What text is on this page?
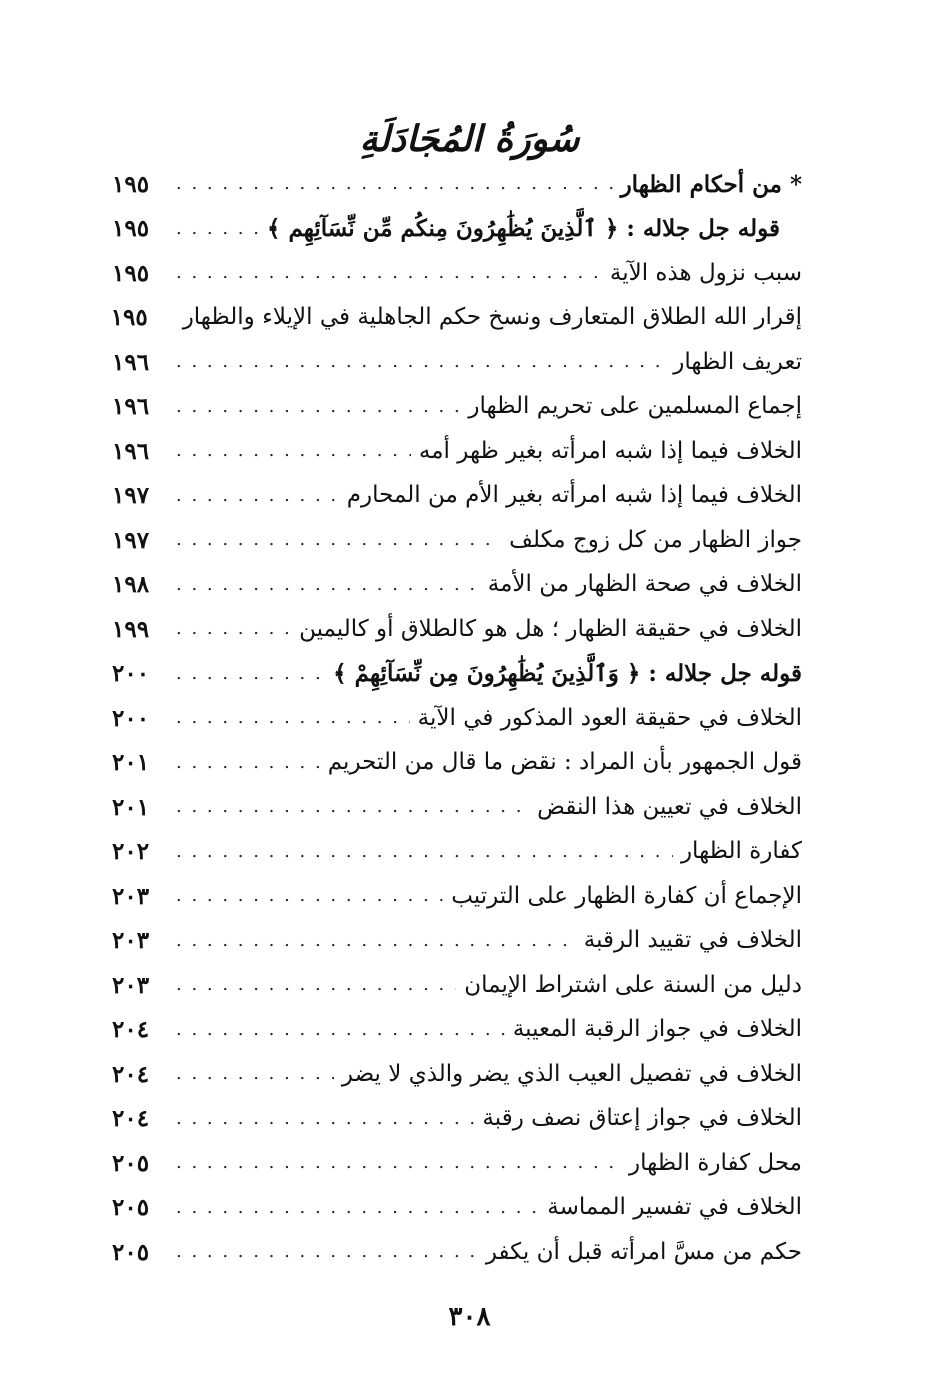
سُورَةُ المُجَادَلَةِ
* من أحكام الظهار
. . .
١٩٥
قوله جل جلاله : ﴿ ٱلَّذِينَ يُظَٰهِرُونَ مِنكُم مِّن نِّسَآئِهِم ﴾
. . .
١٩٥
سبب نزول هذه الآية
. . .
١٩٥
إقرار الله الطلاق المتعارف ونسخ حكم الجاهلية في الإيلاء والظهار
١٩٥
تعريف الظهار
. . .
١٩٦
إجماع المسلمين على تحريم الظهار
. . .
١٩٦
الخلاف فيما إذا شبه امرأته بغير ظهر أمه
. . .
١٩٦
الخلاف فيما إذا شبه امرأته بغير الأم من المحارم
. . .
١٩٧
جواز الظهار من كل زوج مكلف
. . .
١٩٧
الخلاف في صحة الظهار من الأمة
. . .
١٩٨
الخلاف في حقيقة الظهار ؛ هل هو كالطلاق أو كاليمين
. . .
١٩٩
قوله جل جلاله : ﴿ وَٱلَّذِينَ يُظَٰهِرُونَ مِن نِّسَآئِهِمْ ﴾
. . .
٢٠٠
الخلاف في حقيقة العود المذكور في الآية
. . .
٢٠٠
قول الجمهور بأن المراد : نقض ما قال من التحريم
. . .
٢٠١
الخلاف في تعيين هذا النقض
. . .
٢٠١
كفارة الظهار
. . .
٢٠٢
الإجماع أن كفارة الظهار على الترتيب
. . .
٢٠٣
الخلاف في تقييد الرقبة
. . .
٢٠٣
دليل من السنة على اشتراط الإيمان
. . .
٢٠٣
الخلاف في جواز الرقبة المعيبة
. . .
٢٠٤
الخلاف في تفصيل العيب الذي يضر والذي لا يضر
. . .
٢٠٤
الخلاف في جواز إعتاق نصف رقبة
. . .
٢٠٤
محل كفارة الظهار
. . .
٢٠٥
الخلاف في تفسير المماسة
. . .
٢٠٥
حكم من مسَّ امرأته قبل أن يكفر
. . .
٢٠٥
٣٠٨
